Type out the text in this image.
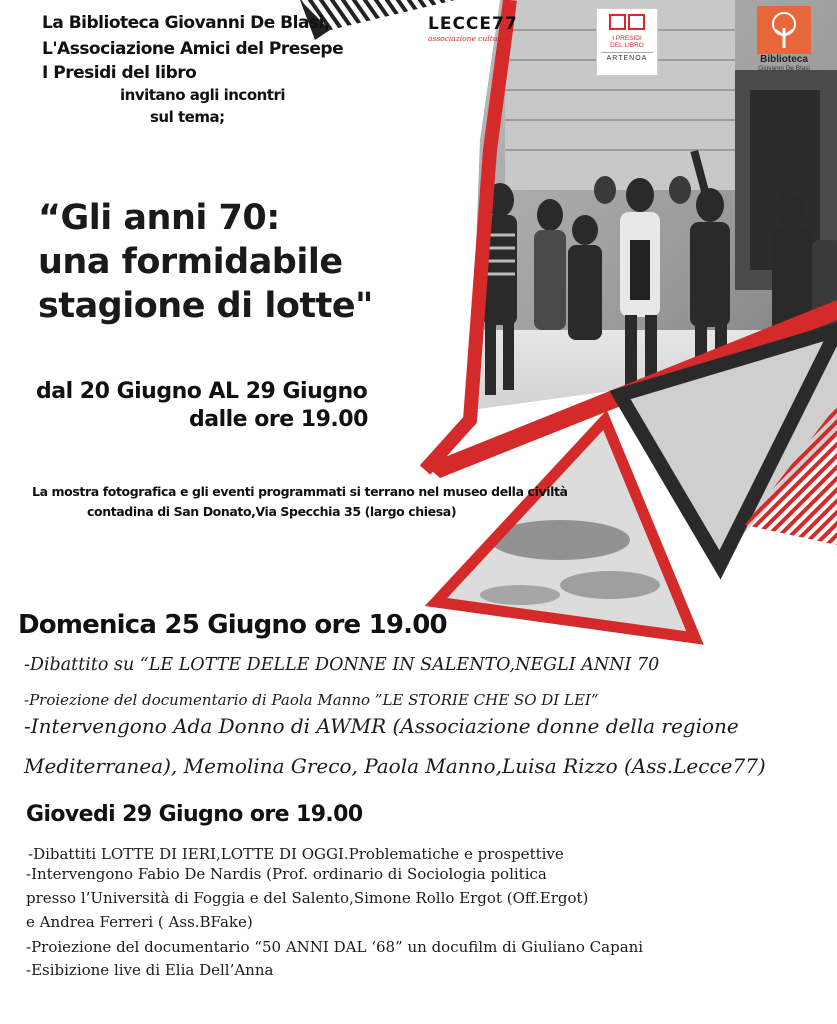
LECCE77
associazione culturale	I PRESIDI
DEL LIBRO
ARTENOA	Biblioteca
Giovanni De Blasi
La Biblioteca Giovanni De Blasi,
L'Associazione Amici del Presepe
I Presidi del libro
invitano agli incontri
sul tema;
“Gli anni 70:
una formidabile
stagione di lotte"
dal 20 Giugno AL 29 Giugno
dalle ore 19.00
La mostra fotografica e gli eventi programmati si terrano nel museo della civiltà
contadina di San Donato,Via Specchia 35 (largo chiesa)
Domenica 25 Giugno ore 19.00
-Dibattito su “LE LOTTE DELLE DONNE IN SALENTO,NEGLI ANNI 70
-Proiezione del documentario di Paola Manno ”LE STORIE CHE SO DI LEI”
-Intervengono Ada Donno di AWMR (Associazione donne della regione
Mediterranea), Memolina Greco, Paola Manno,Luisa Rizzo (Ass.Lecce77)
Giovedi 29 Giugno ore 19.00
-Dibattiti LOTTE DI IERI,LOTTE DI OGGI.Problematiche e prospettive
-Intervengono Fabio De Nardis (Prof. ordinario di Sociologia politica
presso l’Università di Foggia e del Salento,Simone Rollo Ergot (Off.Ergot)
e Andrea Ferreri ( Ass.BFake)
-Proiezione del documentario “50 ANNI DAL ‘68” un docufilm di Giuliano Capani
-Esibizione live di Elia Dell’Anna
